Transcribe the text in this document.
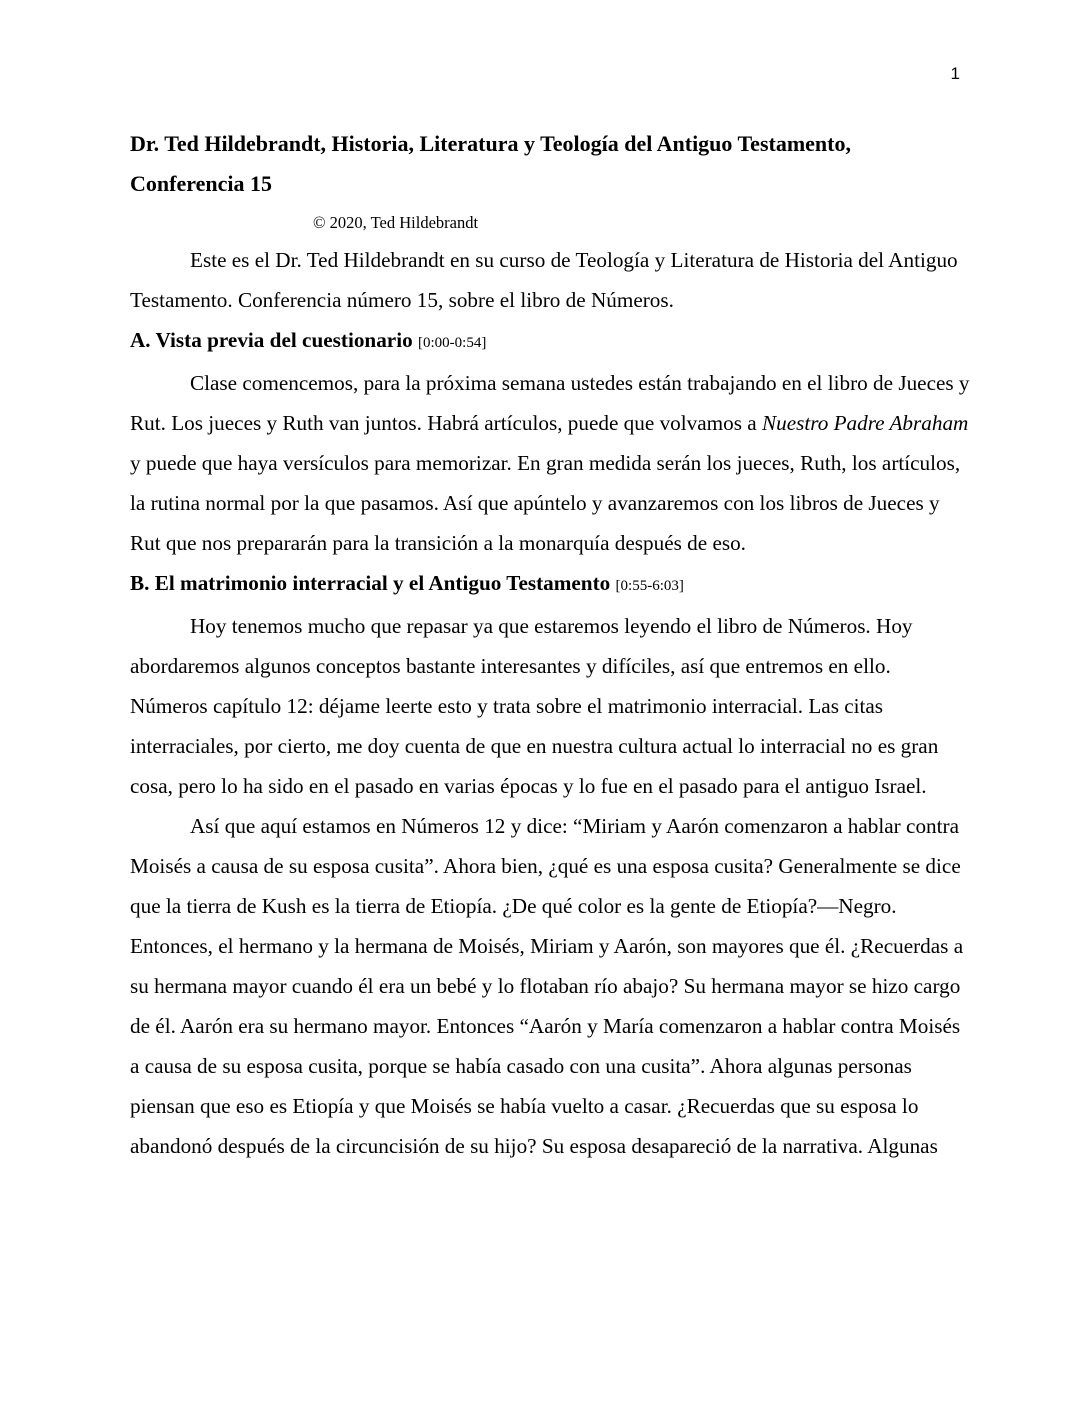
1
Dr. Ted Hildebrandt, Historia, Literatura y Teología del Antiguo Testamento, Conferencia 15
© 2020, Ted Hildebrandt

Este es el Dr. Ted Hildebrandt en su curso de Teología y Literatura de Historia del Antiguo Testamento. Conferencia número 15, sobre el libro de Números.

A. Vista previa del cuestionario [0:00-0:54]

Clase comencemos, para la próxima semana ustedes están trabajando en el libro de Jueces y Rut. Los jueces y Ruth van juntos. Habrá artículos, puede que volvamos a Nuestro Padre Abraham y puede que haya versículos para memorizar. En gran medida serán los jueces, Ruth, los artículos, la rutina normal por la que pasamos. Así que apúntelo y avanzaremos con los libros de Jueces y Rut que nos prepararán para la transición a la monarquía después de eso.

B. El matrimonio interracial y el Antiguo Testamento [0:55-6:03]

Hoy tenemos mucho que repasar ya que estaremos leyendo el libro de Números. Hoy abordaremos algunos conceptos bastante interesantes y difíciles, así que entremos en ello. Números capítulo 12: déjame leerte esto y trata sobre el matrimonio interracial. Las citas interraciales, por cierto, me doy cuenta de que en nuestra cultura actual lo interracial no es gran cosa, pero lo ha sido en el pasado en varias épocas y lo fue en el pasado para el antiguo Israel.

Así que aquí estamos en Números 12 y dice: “Miriam y Aarón comenzaron a hablar contra Moisés a causa de su esposa cusita”. Ahora bien, ¿qué es una esposa cusita? Generalmente se dice que la tierra de Kush es la tierra de Etiopía. ¿De qué color es la gente de Etiopía?—Negro. Entonces, el hermano y la hermana de Moisés, Miriam y Aarón, son mayores que él. ¿Recuerdas a su hermana mayor cuando él era un bebé y lo flotaban río abajo? Su hermana mayor se hizo cargo de él. Aarón era su hermano mayor. Entonces “Aarón y María comenzaron a hablar contra Moisés a causa de su esposa cusita, porque se había casado con una cusita”. Ahora algunas personas piensan que eso es Etiopía y que Moisés se había vuelto a casar. ¿Recuerdas que su esposa lo abandonó después de la circuncisión de su hijo? Su esposa desapareció de la narrativa. Algunas
